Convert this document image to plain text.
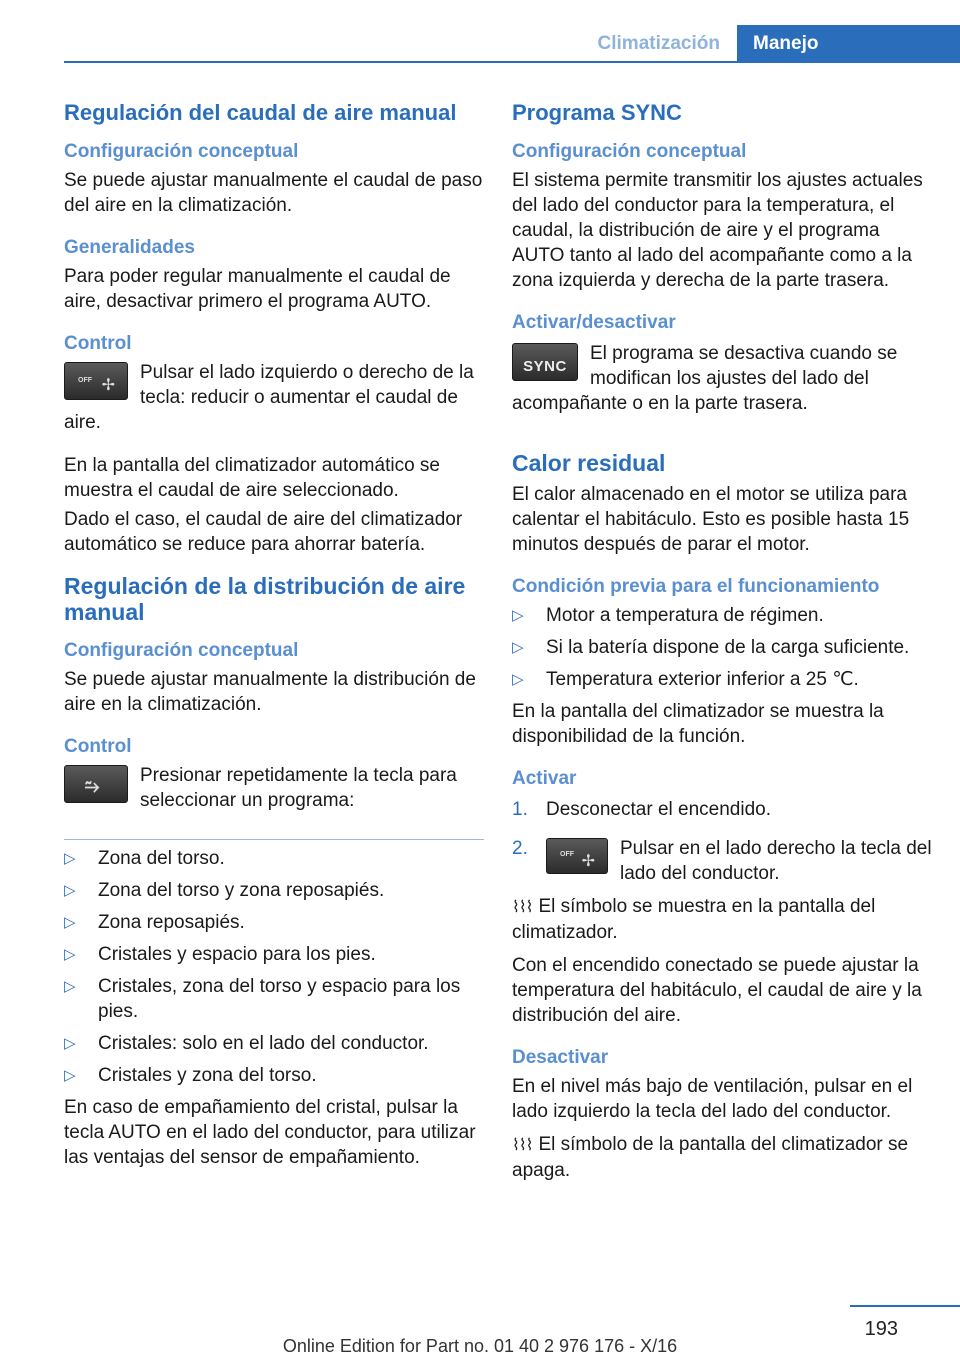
Climatización	Manejo
Regulación del caudal de aire manual
Configuración conceptual

Se puede ajustar manualmente el caudal de paso del aire en la climatización.

Generalidades

Para poder regular manualmente el caudal de aire, desactivar primero el programa AUTO.

Control

OFF ✢
Pulsar el lado izquierdo o derecho de la tecla: reducir o aumentar el caudal de aire.

En la pantalla del climatizador automático se muestra el caudal de aire seleccionado.

Dado el caso, el caudal de aire del climatizador automático se reduce para ahorrar batería.

Regulación de la distribución de aire manual
Configuración conceptual

Se puede ajustar manualmente la distribución de aire en la climatización.

Control

⥲ Presionar repetidamente la tecla para seleccionar un programa:

▷ Zona del torso.
▷ Zona del torso y zona reposapiés.
▷ Zona reposapiés.
▷ Cristales y espacio para los pies.
▷ Cristales, zona del torso y espacio para los pies.
▷ Cristales: solo en el lado del conductor.
▷ Cristales y zona del torso.

En caso de empañamiento del cristal, pulsar la tecla AUTO en el lado del conductor, para utilizar las ventajas del sensor de empañamiento.

Programa SYNC
Configuración conceptual

El sistema permite transmitir los ajustes actuales del lado del conductor para la temperatura, el caudal, la distribución de aire y el programa AUTO tanto al lado del acompañante como a la zona izquierda y derecha de la parte trasera.

Activar/desactivar

SYNC
El programa se desactiva cuando se modifican los ajustes del lado del acompañante o en la parte trasera.

Calor residual

El calor almacenado en el motor se utiliza para calentar el habitáculo. Esto es posible hasta 15 minutos después de parar el motor.

Condición previa para el funcionamiento
▷ Motor a temperatura de régimen.
▷ Si la batería dispone de la carga suficiente.
▷ Temperatura exterior inferior a 25 ℃.

En la pantalla del climatizador se muestra la disponibilidad de la función.

Activar
1. Desconectar el encendido.
2.	OFF ✢
Pulsar en el lado derecho la tecla del lado del conductor.

⌇⌇⌇ El símbolo se muestra en la pantalla del climatizador.

Con el encendido conectado se puede ajustar la temperatura del habitáculo, el caudal de aire y la distribución del aire.

Desactivar

En el nivel más bajo de ventilación, pulsar en el lado izquierdo la tecla del lado del conductor.

⌇⌇⌇ El símbolo de la pantalla del climatizador se apaga.

193
Online Edition for Part no. 01 40 2 976 176 - X/16
